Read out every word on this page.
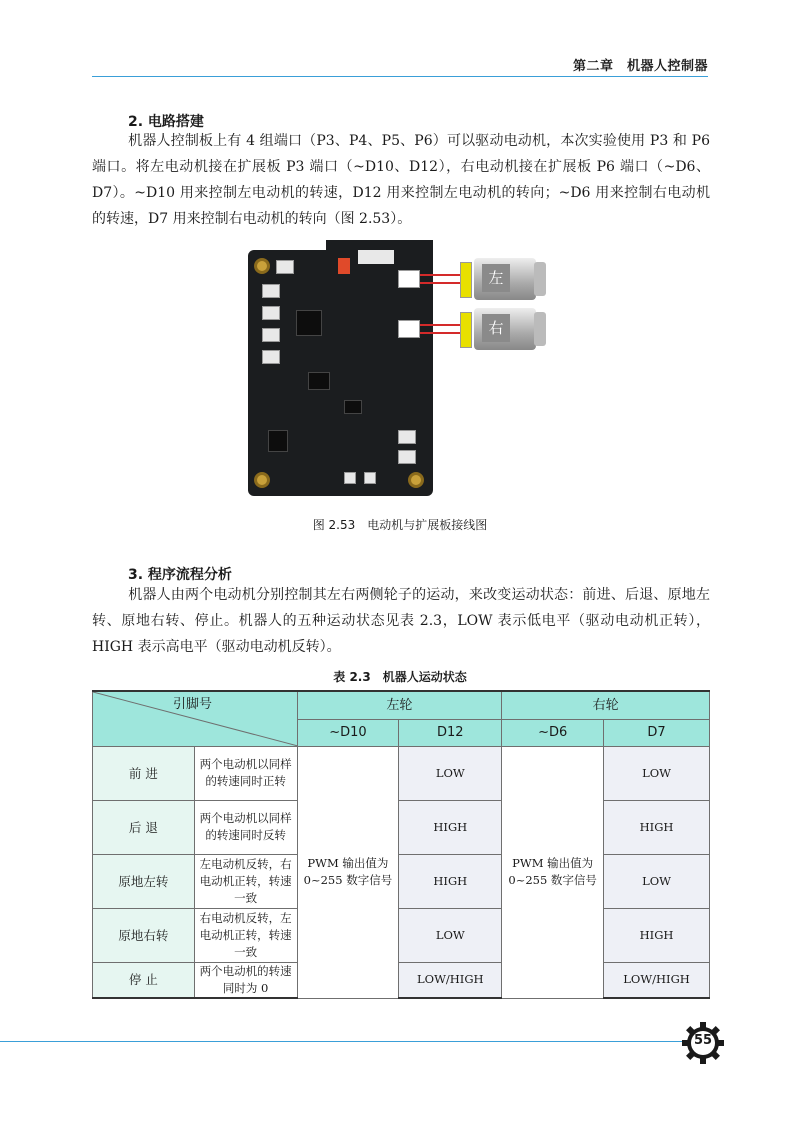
第二章　机器人控制器
2. 电路搭建
机器人控制板上有 4 组端口（P3、P4、P5、P6）可以驱动电动机，本次实验使用 P3 和 P6 端口。将左电动机接在扩展板 P3 端口（~D10、D12），右电动机接在扩展板 P6 端口（~D6、D7）。~D10 用来控制左电动机的转速，D12 用来控制左电动机的转向；~D6 用来控制右电动机的转速，D7 用来控制右电动机的转向（图 2.53）。
左
右
图 2.53　电动机与扩展板接线图
3. 程序流程分析
机器人由两个电动机分别控制其左右两侧轮子的运动，来改变运动状态：前进、后退、原地左转、原地右转、停止。机器人的五种运动状态见表 2.3，LOW 表示低电平（驱动电动机正转），HIGH 表示高电平（驱动电动机反转）。
表 2.3　机器人运动状态
引脚号		左轮		右轮	
		~D10	D12	~D6	D7
前 进	两个电动机以同样的转速同时正转	PWM 输出值为 0~255 数字信号	LOW	PWM 输出值为 0~255 数字信号	LOW
后 退	两个电动机以同样的转速同时反转		HIGH		HIGH
原地左转	左电动机反转，右电动机正转，转速一致		HIGH		LOW
原地右转	右电动机反转，左电动机正转，转速一致		LOW		HIGH
停 止	两个电动机的转速同时为 0		LOW/HIGH		LOW/HIGH
55
